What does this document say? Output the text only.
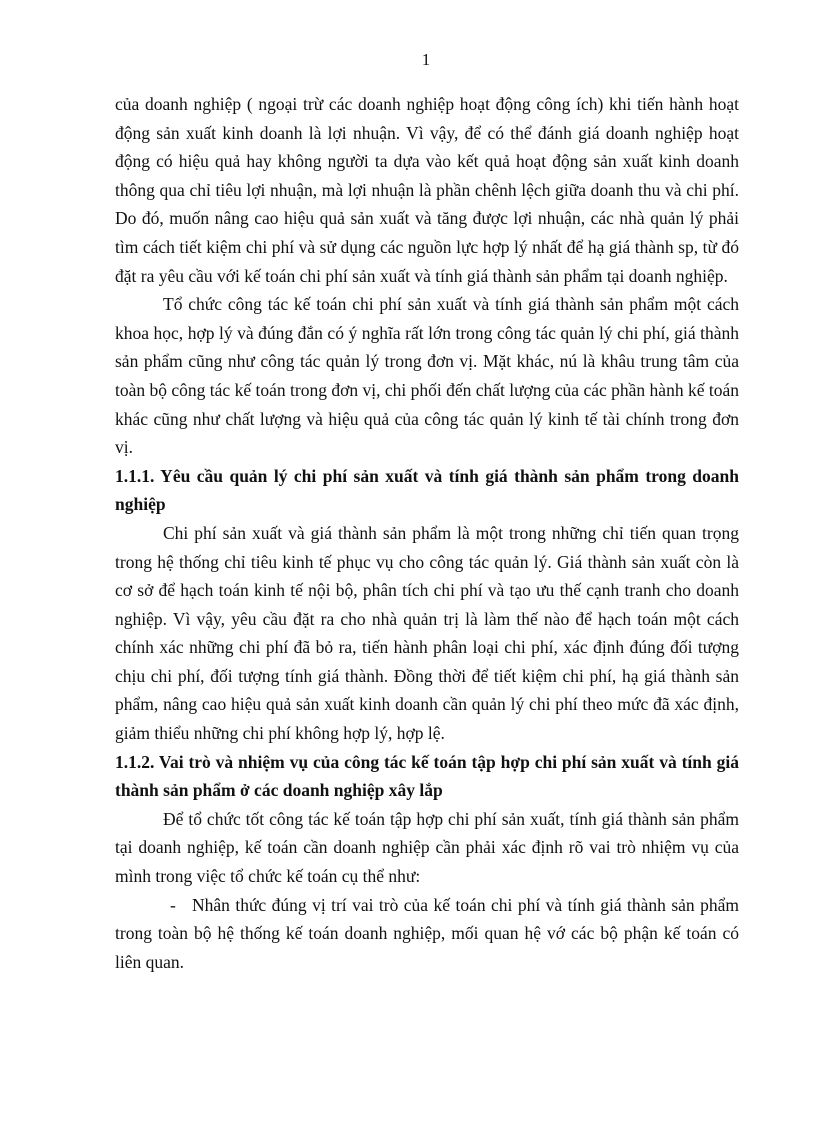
1

của doanh nghiệp ( ngoại trừ các doanh nghiệp hoạt động công ích) khi tiến hành hoạt động sản xuất kinh doanh là lợi nhuận. Vì vậy, để có thể đánh giá doanh nghiệp hoạt động có hiệu quả hay không người ta dựa vào kết quả hoạt động sản xuất kinh doanh thông qua chỉ tiêu lợi nhuận, mà lợi nhuận là phần chênh lệch giữa doanh thu và chi phí. Do đó, muốn nâng cao hiệu quả sản xuất và tăng được lợi nhuận, các nhà quản lý phải tìm cách tiết kiệm chi phí và sử dụng các nguồn lực hợp lý nhất để hạ giá thành sp, từ đó đặt ra yêu cầu với kế toán chi phí sản xuất và tính giá thành sản phẩm tại doanh nghiệp.

Tổ chức công tác kế toán chi phí sản xuất và tính giá thành sản phẩm một cách khoa học, hợp lý và đúng đắn có ý nghĩa rất lớn trong công tác quản lý chi phí, giá thành sản phẩm cũng như công tác quản lý trong đơn vị. Mặt khác, nú là khâu trung tâm của toàn bộ công tác kế toán trong đơn vị, chi phối đến chất lượng của các phần hành kế toán khác cũng như chất lượng và hiệu quả của công tác quản lý kinh tế tài chính trong đơn vị.

1.1.1. Yêu cầu quản lý chi phí sản xuất và tính giá thành sản phẩm trong doanh nghiệp

Chi phí sản xuất và giá thành sản phẩm là một trong những chỉ tiến quan trọng trong hệ thống chỉ tiêu kinh tế phục vụ cho công tác quản lý. Giá thành sản xuất còn là cơ sở để hạch toán kinh tế nội bộ, phân tích chi phí và tạo ưu thế cạnh tranh cho doanh nghiệp. Vì vậy, yêu cầu đặt ra cho nhà quản trị là làm thế nào để hạch toán một cách chính xác những chi phí đã bỏ ra, tiến hành phân loại chi phí, xác định đúng đối tượng chịu chi phí, đối tượng tính giá thành. Đồng thời để tiết kiệm chi phí, hạ giá thành sản phẩm, nâng cao hiệu quả sản xuất kinh doanh cần quản lý chi phí theo mức đã xác định, giảm thiểu những chi phí không hợp lý, hợp lệ.

1.1.2. Vai trò và nhiệm vụ của công tác kế toán tập hợp chi phí sản xuất và tính giá thành sản phẩm ở các doanh nghiệp xây lắp

Để tổ chức tốt công tác kế toán tập hợp chi phí sản xuất, tính giá thành sản phẩm tại doanh nghiệp, kế toán cần doanh nghiệp cần phải xác định rõ vai trò nhiệm vụ của mình trong việc tổ chức kế toán cụ thể như:

- Nhân thức đúng vị trí vai trò của kế toán chi phí và tính giá thành sản phẩm trong toàn bộ hệ thống kế toán doanh nghiệp, mối quan hệ vớ các bộ phận kế toán có liên quan.
